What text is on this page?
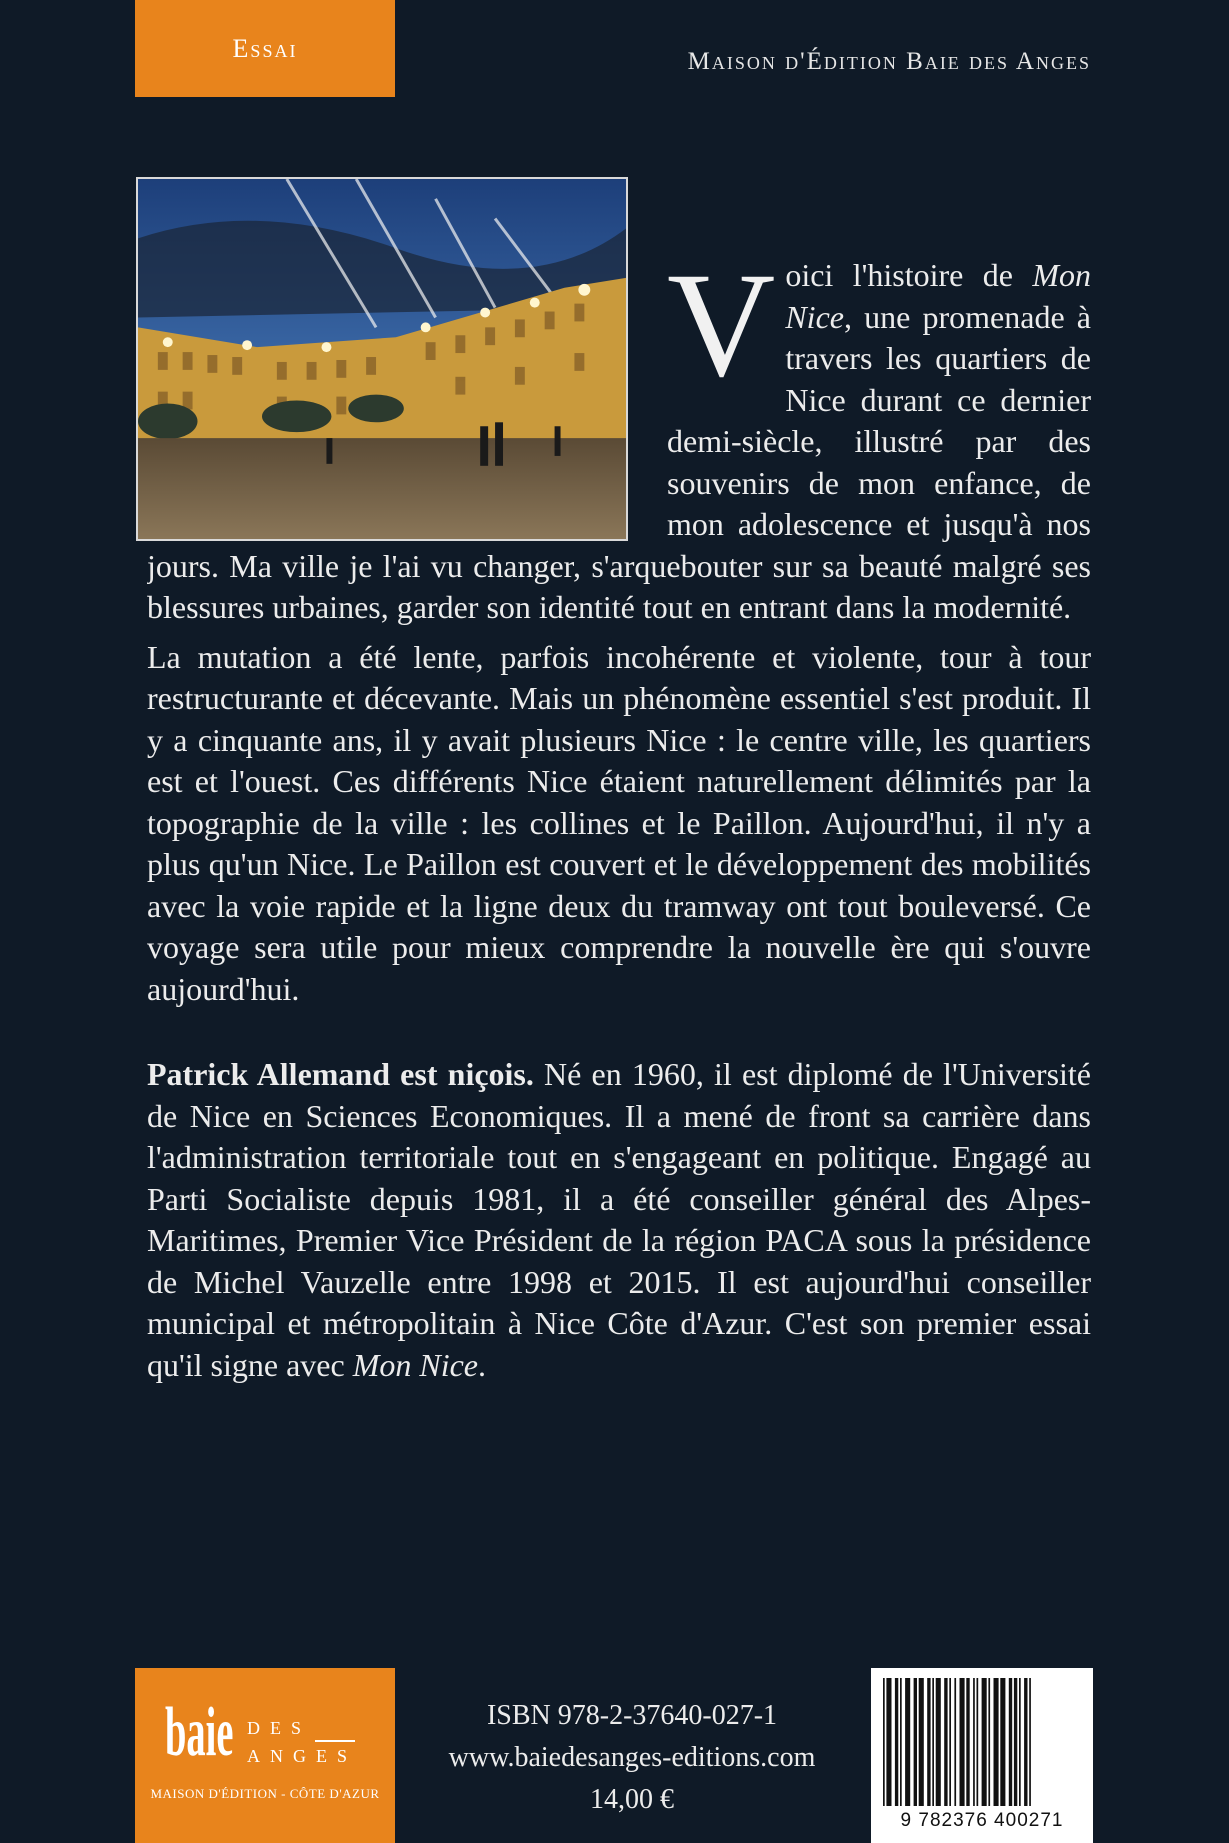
Essai	Maison d'Édition Baie des Anges
Voici l'histoire de Mon Nice, une promenade à travers les quartiers de Nice durant ce dernier demi-siècle, illustré par des souvenirs de mon enfance, de mon adolescence et jusqu'à nos jours. Ma ville je l'ai vu changer, s'arquebouter sur sa beauté malgré ses blessures urbaines, garder son identité tout en entrant dans la modernité.

La mutation a été lente, parfois incohérente et violente, tour à tour restructurante et décevante. Mais un phénomène essentiel s'est produit. Il y a cinquante ans, il y avait plusieurs Nice : le centre ville, les quartiers est et l'ouest. Ces différents Nice étaient naturellement délimités par la topographie de la ville : les collines et le Paillon. Aujourd'hui, il n'y a plus qu'un Nice. Le Paillon est couvert et le développement des mobilités avec la voie rapide et la ligne deux du tramway ont tout bouleversé. Ce voyage sera utile pour mieux comprendre la nouvelle ère qui s'ouvre aujourd'hui.

Patrick Allemand est niçois. Né en 1960, il est diplomé de l'Université de Nice en Sciences Economiques. Il a mené de front sa carrière dans l'administration territoriale tout en s'engageant en politique. Engagé au Parti Socialiste depuis 1981, il a été conseiller général des Alpes-Maritimes, Premier Vice Président de la région PACA sous la présidence de Michel Vauzelle entre 1998 et 2015. Il est aujourd'hui conseiller municipal et métropolitain à Nice Côte d'Azur. C'est son premier essai qu'il signe avec Mon Nice.

baie DES
ANGES
MAISON D'ÉDITION - CÔTE D'AZUR
ISBN 978-2-37640-027-1
www.baiedesanges-editions.com
14,00 €
9 782376 400271
